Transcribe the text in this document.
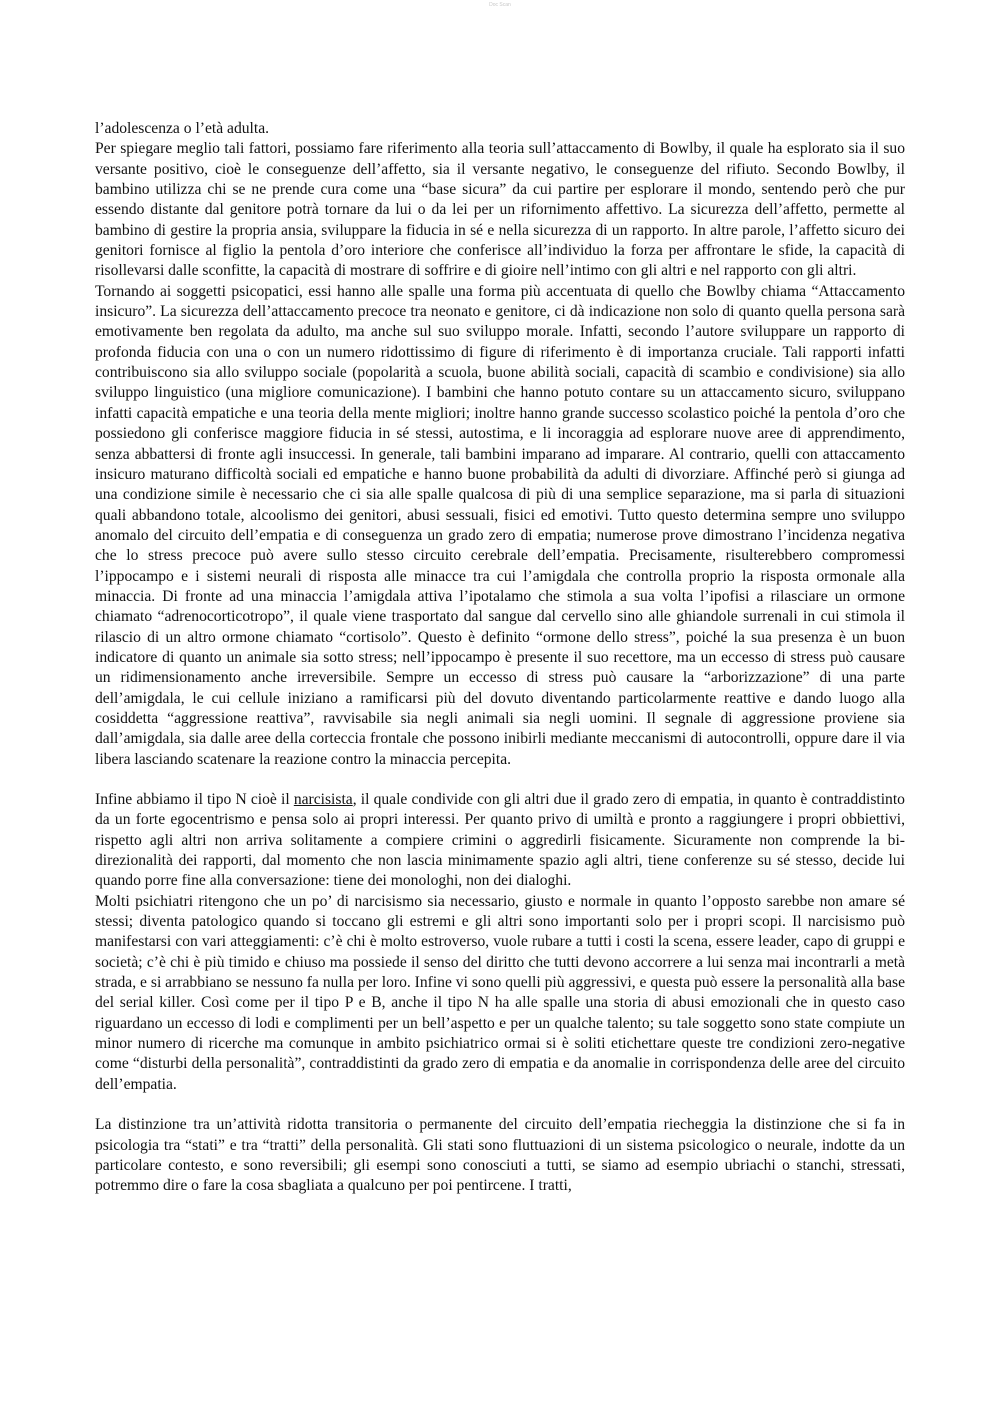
Doc Scan

l’adolescenza o l’età adulta.

Per spiegare meglio tali fattori, possiamo fare riferimento alla teoria sull’attaccamento di Bowlby, il quale ha esplorato sia il suo versante positivo, cioè le conseguenze dell’affetto, sia il versante negativo, le conseguenze del rifiuto. Secondo Bowlby, il bambino utilizza chi se ne prende cura come una “base sicura” da cui partire per esplorare il mondo, sentendo però che pur essendo distante dal genitore potrà tornare da lui o da lei per un rifornimento affettivo. La sicurezza dell’affetto, permette al bambino di gestire la propria ansia, sviluppare la fiducia in sé e nella sicurezza di un rapporto. In altre parole, l’affetto sicuro dei genitori fornisce al figlio la pentola d’oro interiore che conferisce all’individuo la forza per affrontare le sfide, la capacità di risollevarsi dalle sconfitte, la capacità di mostrare di soffrire e di gioire nell’intimo con gli altri e nel rapporto con gli altri.

Tornando ai soggetti psicopatici, essi hanno alle spalle una forma più accentuata di quello che Bowlby chiama “Attaccamento insicuro”. La sicurezza dell’attaccamento precoce tra neonato e genitore, ci dà indicazione non solo di quanto quella persona sarà emotivamente ben regolata da adulto, ma anche sul suo sviluppo morale. Infatti, secondo l’autore sviluppare un rapporto di profonda fiducia con una o con un numero ridottissimo di figure di riferimento è di importanza cruciale. Tali rapporti infatti contribuiscono sia allo sviluppo sociale (popolarità a scuola, buone abilità sociali, capacità di scambio e condivisione) sia allo sviluppo linguistico (una migliore comunicazione). I bambini che hanno potuto contare su un attaccamento sicuro, sviluppano infatti capacità empatiche e una teoria della mente migliori; inoltre hanno grande successo scolastico poiché la pentola d’oro che possiedono gli conferisce maggiore fiducia in sé stessi, autostima, e li incoraggia ad esplorare nuove aree di apprendimento, senza abbattersi di fronte agli insuccessi. In generale, tali bambini imparano ad imparare. Al contrario, quelli con attaccamento insicuro maturano difficoltà sociali ed empatiche e hanno buone probabilità da adulti di divorziare. Affinché però si giunga ad una condizione simile è necessario che ci sia alle spalle qualcosa di più di una semplice separazione, ma si parla di situazioni quali abbandono totale, alcoolismo dei genitori, abusi sessuali, fisici ed emotivi. Tutto questo determina sempre uno sviluppo anomalo del circuito dell’empatia e di conseguenza un grado zero di empatia; numerose prove dimostrano l’incidenza negativa che lo stress precoce può avere sullo stesso circuito cerebrale dell’empatia. Precisamente, risulterebbero compromessi l’ippocampo e i sistemi neurali di risposta alle minacce tra cui l’amigdala che controlla proprio la risposta ormonale alla minaccia. Di fronte ad una minaccia l’amigdala attiva l’ipotalamo che stimola a sua volta l’ipofisi a rilasciare un ormone chiamato “adrenocorticotropo”, il quale viene trasportato dal sangue dal cervello sino alle ghiandole surrenali in cui stimola il rilascio di un altro ormone chiamato “cortisolo”. Questo è definito “ormone dello stress”, poiché la sua presenza è un buon indicatore di quanto un animale sia sotto stress; nell’ippocampo è presente il suo recettore, ma un eccesso di stress può causare un ridimensionamento anche irreversibile. Sempre un eccesso di stress può causare la “arborizzazione” di una parte dell’amigdala, le cui cellule iniziano a ramificarsi più del dovuto diventando particolarmente reattive e dando luogo alla cosiddetta “aggressione reattiva”, ravvisabile sia negli animali sia negli uomini. Il segnale di aggressione proviene sia dall’amigdala, sia dalle aree della corteccia frontale che possono inibirli mediante meccanismi di autocontrolli, oppure dare il via libera lasciando scatenare la reazione contro la minaccia percepita.

Infine abbiamo il tipo N cioè il narcisista, il quale condivide con gli altri due il grado zero di empatia, in quanto è contraddistinto da un forte egocentrismo e pensa solo ai propri interessi. Per quanto privo di umiltà e pronto a raggiungere i propri obbiettivi, rispetto agli altri non arriva solitamente a compiere crimini o aggredirli fisicamente. Sicuramente non comprende la bi-direzionalità dei rapporti, dal momento che non lascia minimamente spazio agli altri, tiene conferenze su sé stesso, decide lui quando porre fine alla conversazione: tiene dei monologhi, non dei dialoghi.

Molti psichiatri ritengono che un po’ di narcisismo sia necessario, giusto e normale in quanto l’opposto sarebbe non amare sé stessi; diventa patologico quando si toccano gli estremi e gli altri sono importanti solo per i propri scopi. Il narcisismo può manifestarsi con vari atteggiamenti: c’è chi è molto estroverso, vuole rubare a tutti i costi la scena, essere leader, capo di gruppi e società; c’è chi è più timido e chiuso ma possiede il senso del diritto che tutti devono accorrere a lui senza mai incontrarli a metà strada, e si arrabbiano se nessuno fa nulla per loro. Infine vi sono quelli più aggressivi, e questa può essere la personalità alla base del serial killer. Così come per il tipo P e B, anche il tipo N ha alle spalle una storia di abusi emozionali che in questo caso riguardano un eccesso di lodi e complimenti per un bell’aspetto e per un qualche talento; su tale soggetto sono state compiute un minor numero di ricerche ma comunque in ambito psichiatrico ormai si è soliti etichettare queste tre condizioni zero-negative come “disturbi della personalità”, contraddistinti da grado zero di empatia e da anomalie in corrispondenza delle aree del circuito dell’empatia.

La distinzione tra un’attività ridotta transitoria o permanente del circuito dell’empatia riecheggia la distinzione che si fa in psicologia tra “stati” e tra “tratti” della personalità. Gli stati sono fluttuazioni di un sistema psicologico o neurale, indotte da un particolare contesto, e sono reversibili; gli esempi sono conosciuti a tutti, se siamo ad esempio ubriachi o stanchi, stressati, potremmo dire o fare la cosa sbagliata a qualcuno per poi pentircene. I tratti,
